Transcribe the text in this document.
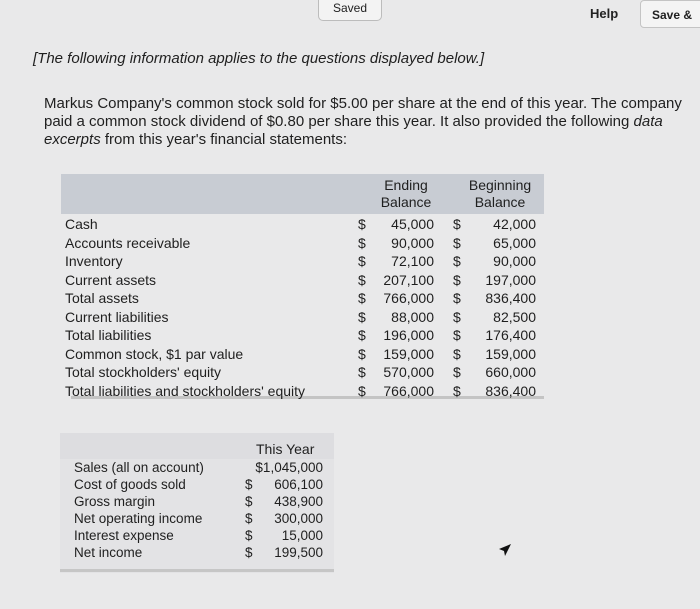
Saved	Help	Save &
[The following information applies to the questions displayed below.]
Markus Company's common stock sold for $5.00 per share at the end of this year. The company paid a common stock dividend of $0.80 per share this year. It also provided the following data excerpts from this year's financial statements:
Ending Balance
Beginning Balance
Cash	$ 45,000 $ 42,000
Accounts receivable	$ 90,000 $ 65,000
Inventory	$ 72,100 $ 90,000
Current assets	$ 207,100 $ 197,000
Total assets	$ 766,000 $ 836,400
Current liabilities	$ 88,000 $ 82,500
Total liabilities	$ 196,000 $ 176,400
Common stock, $1 par value	$ 159,000 $ 159,000
Total stockholders' equity	$ 570,000 $ 660,000
Total liabilities and stockholders' equity	$ 766,000 $ 836,400
This Year
Sales (all on account)	$1,045,000
Cost of goods sold	$ 606,100
Gross margin	$ 438,900
Net operating income	$ 300,000
Interest expense	$ 15,000
Net income	$ 199,500
